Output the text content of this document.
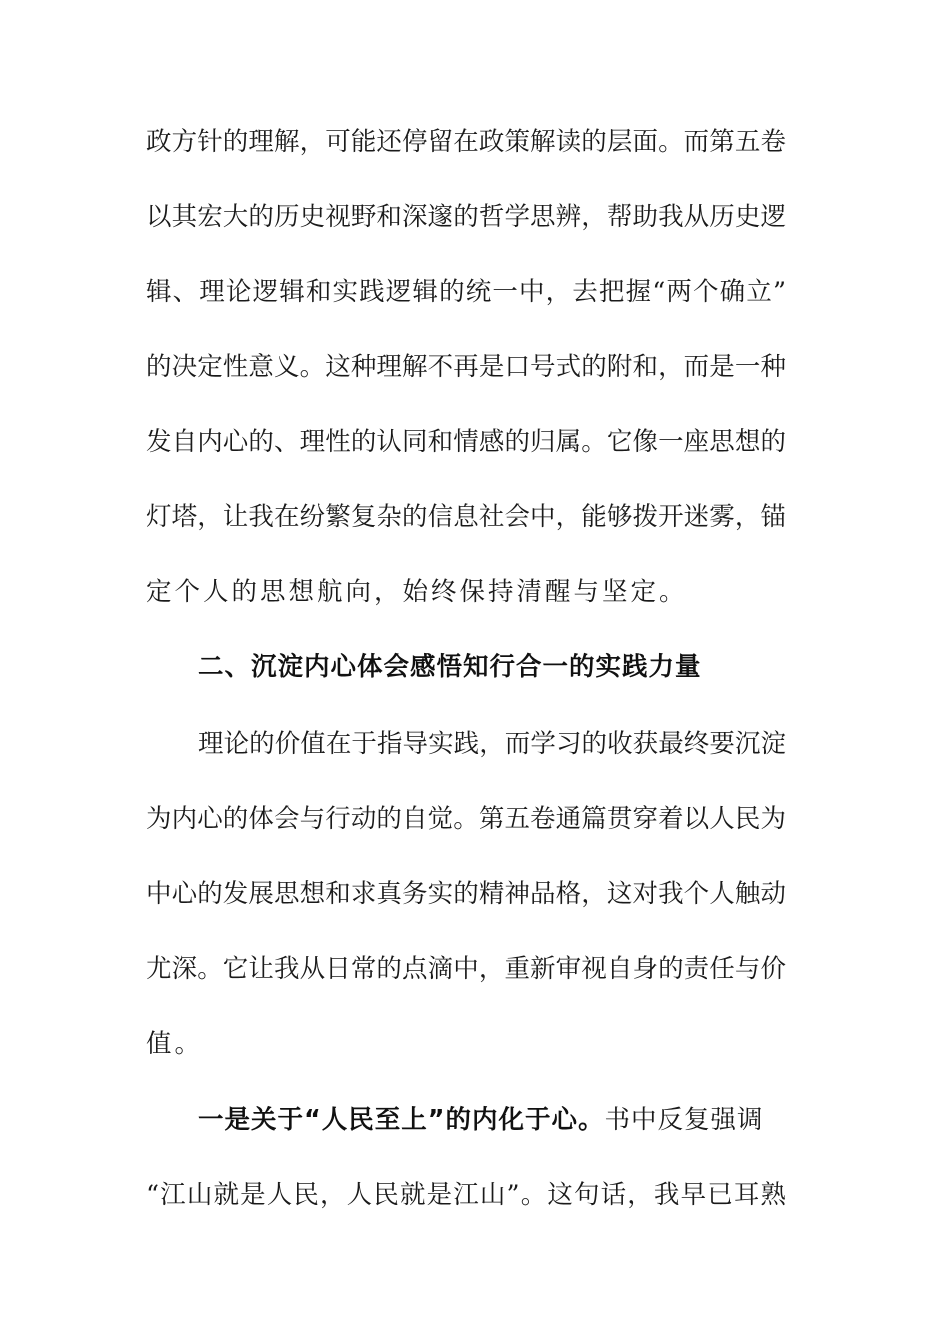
政方针的理解，可能还停留在政策解读的层面。而第五卷
以其宏大的历史视野和深邃的哲学思辨，帮助我从历史逻
辑、理论逻辑和实践逻辑的统一中，去把握“两个确立”
的决定性意义。这种理解不再是口号式的附和，而是一种
发自内心的、理性的认同和情感的归属。它像一座思想的
灯塔，让我在纷繁复杂的信息社会中，能够拨开迷雾，锚
定个人的思想航向，始终保持清醒与坚定。
二、沉淀内心体会感悟知行合一的实践力量
理论的价值在于指导实践，而学习的收获最终要沉淀
为内心的体会与行动的自觉。第五卷通篇贯穿着以人民为
中心的发展思想和求真务实的精神品格，这对我个人触动
尤深。它让我从日常的点滴中，重新审视自身的责任与价
值。
一是关于“人民至上”的内化于心。书中反复强调
“江山就是人民，人民就是江山”。这句话，我早已耳熟
